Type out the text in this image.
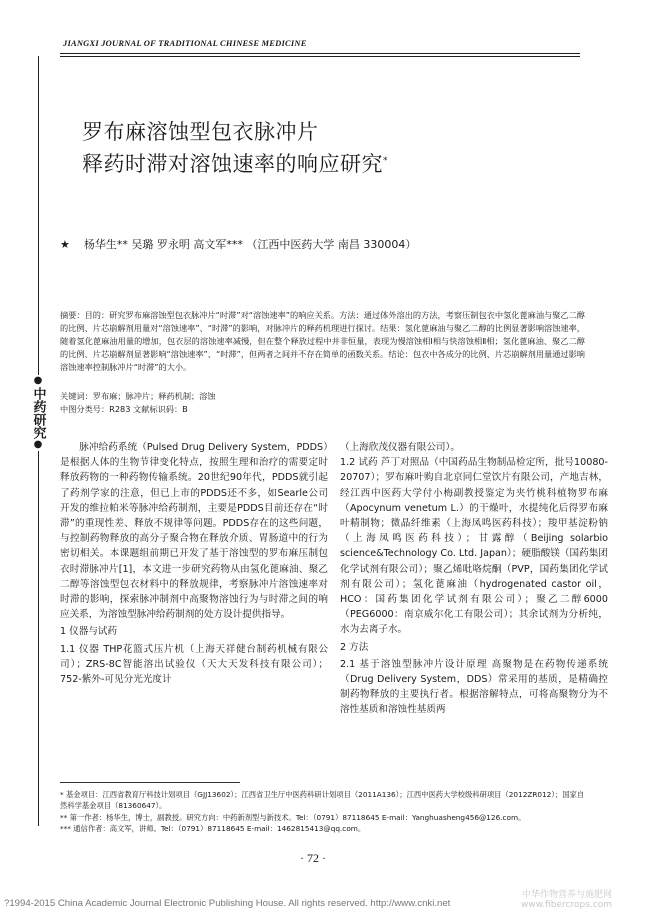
JIANGXI JOURNAL OF TRADITIONAL CHINESE MEDICINE
●
中药研究
●
罗布麻溶蚀型包衣脉冲片
释药时滞对溶蚀速率的响应研究*
★ 杨华生** 吴璐 罗永明 高文军*** （江西中医药大学 南昌 330004）
摘要：目的：研究罗布麻溶蚀型包衣脉冲片“时滞”对“溶蚀速率”的响应关系。方法：通过体外溶出的方法，考察压制包衣中氢化蓖麻油与聚乙二醇的比例、片芯崩解剂用量对“溶蚀速率”、“时滞”的影响，对脉冲片的释药机理进行探讨。结果：氢化蓖麻油与聚乙二醇的比例显著影响溶蚀速率，随着氢化蓖麻油用量的增加，包衣层的溶蚀速率减慢，但在整个释放过程中并非恒量，表现为慢溶蚀相Ⅰ相与快溶蚀相Ⅱ相；氢化蓖麻油、聚乙二醇的比例、片芯崩解剂显著影响“溶蚀速率”、“时滞”，但两者之间并不存在简单的函数关系。结论：包衣中各成分的比例、片芯崩解剂用量通过影响溶蚀速率控制脉冲片“时滞”的大小。
关键词：罗布麻；脉冲片；释药机制；溶蚀
中图分类号：R283 文献标识码：B

脉冲给药系统（Pulsed Drug Delivery System，PDDS）是根据人体的生物节律变化特点，按照生理和治疗的需要定时释放药物的一种药物传输系统。20世纪90年代，PDDS就引起了药剂学家的注意，但已上市的PDDS还不多，如Searle公司开发的维拉帕米等脉冲给药制剂，主要是PDDS目前还存在“时滞”的重现性差、释放不规律等问题。PDDS存在的这些问题，与控制药物释放的高分子聚合物在释放介质、胃肠道中的行为密切相关。本课题组前期已开发了基于溶蚀型的罗布麻压制包衣时滞脉冲片[1]，本文进一步研究药物从由氢化蓖麻油、聚乙二醇等溶蚀型包衣材料中的释放规律，考察脉冲片溶蚀速率对时滞的影响，探索脉冲制剂中高聚物溶蚀行为与时滞之间的响应关系，为溶蚀型脉冲给药制剂的处方设计提供指导。

1 仪器与试药

1.1 仪器 THP花篮式压片机（上海天祥健台制药机械有限公司）；ZRS-8C智能溶出试验仪（天大天发科技有限公司）；752-紫外-可见分光光度计

（上海欣茂仪器有限公司）。

1.2 试药 芦丁对照品（中国药品生物制品检定所，批号10080-20707）；罗布麻叶购自北京同仁堂饮片有限公司，产地吉林，经江西中医药大学付小梅副教授鉴定为夹竹桃科植物罗布麻（Apocynum venetum L.）的干燥叶，水提纯化后得罗布麻叶精制物；微晶纤维素（上海凤鸣医药科技）；羧甲基淀粉钠（上海凤鸣医药科技）；甘露醇（Beijing solarbio science&Technology Co. Ltd. Japan）；硬脂酸镁（国药集团化学试剂有限公司）；聚乙烯吡咯烷酮（PVP，国药集团化学试剂有限公司）；氢化蓖麻油（hydrogenated castor oil，HCO：国药集团化学试剂有限公司）；聚乙二醇6000（PEG6000：南京威尔化工有限公司）；其余试剂为分析纯，水为去离子水。

2 方法

2.1 基于溶蚀型脉冲片设计原理 高聚物是在药物传递系统（Drug Delivery System，DDS）常采用的基质，是精确控制药物释放的主要执行者。根据溶解特点，可将高聚物分为不溶性基质和溶蚀性基质两

* 基金项目：江西省教育厅科技计划项目（GJJ13602）；江西省卫生厅中医药科研计划项目（2011A136）；江西中医药大学校级科研项目（2012ZR012）；国家自然科学基金项目（81360647）。

** 第一作者：杨华生，博士，副教授。研究方向：中药新剂型与新技术。Tel：（0791）87118645 E-mail：Yanghuasheng456@126.com。

*** 通信作者：高文军，讲师。Tel：（0791）87118645 E-mail：1462815413@qq.com。

· 72 ·
?1994-2015 China Academic Journal Electronic Publishing House. All rights reserved. http://www.cnki.net
中华作物营养与施肥网
www.fibercrops.com
